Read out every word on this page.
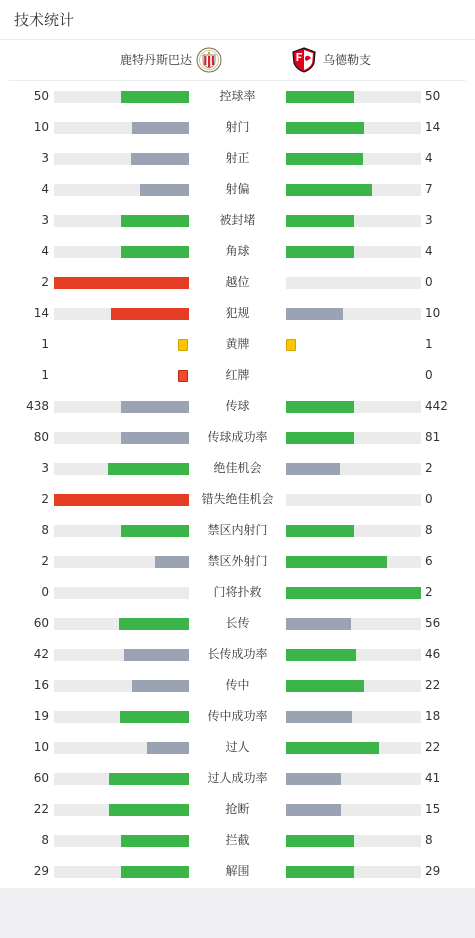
技术统计
鹿特丹斯巴达	乌德勒支
50	控球率	50
10	射门	14
3	射正	4
4	射偏	7
3	被封堵	3
4	角球	4
2	越位	0
14	犯规	10
1	黄牌	1
1	红牌	0
438	传球	442
80	传球成功率	81
3	绝佳机会	2
2	错失绝佳机会	0
8	禁区内射门	8
2	禁区外射门	6
0	门将扑救	2
60	长传	56
42	长传成功率	46
16	传中	22
19	传中成功率	18
10	过人	22
60	过人成功率	41
22	抢断	15
8	拦截	8
29	解围	29
